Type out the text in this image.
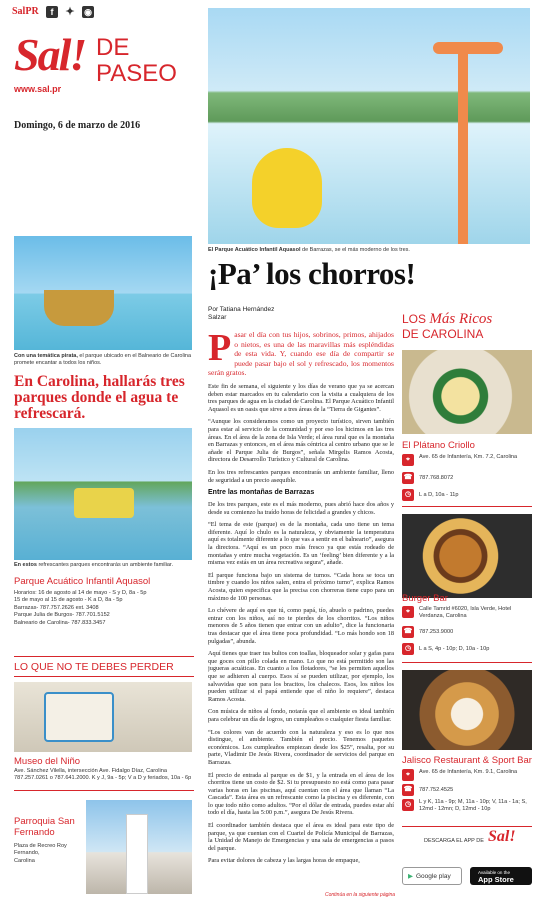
SalPR	f	✦ ◉
Sal! DE
PASEO
www.sal.pr
Domingo, 6 de marzo de 2016
El Parque Acuático Infantil Aquasol de Barrazas, se el más moderno de los tres.
Con una temática pirata, el parque ubicado en el Balneario de Carolina promete encantar a todos los niños.
En Carolina, hallarás tres parques donde el agua te refrescará.
En estos refrescantes parques encontrarás un ambiente familiar.
Parque Acuático Infantil Aquasol
Horarios: 16 de agosto al 14 de mayo - S y D, 8a - 5p
15 de mayo al 15 de agosto - K a D, 8a - 5p
Barrazas- 787.757.2626 ext. 3408
Parque Julia de Burgos- 787.701.5152
Balneario de Carolina- 787.833.3457
LO QUE NO TE DEBES PERDER
Museo del Niño
Ave. Sánchez Vilella, intersección Ave. Fidalgo Díaz, Carolina
787.257.0261 o 787.641.2000. K y J, 9a - 5p; V a D y feriados, 10a - 6p
Parroquia San Fernando
Plaza de Recreo Roy
Fernando,
Carolina
¡Pa’ los chorros!
Por Tatiana Hernández Salzar

Pasar el día con tus hijos, sobrinos, primos, ahijados o nietos, es una de las maravillas más espléndidas de esta vida. Y, cuando ese día de compartir se puede pasar bajo el sol y refrescado, los momentos serán gratos.

Este fin de semana, el siguiente y los días de verano que ya se acercan deben estar marcados en tu calendario con la visita a cualquiera de los tres parques de agua en la ciudad de Carolina. El Parque Acuático Infantil Aquasol es un oasis que sirve a tres áreas de la “Tierra de Gigantes”.

“Aunque los consideramos como un proyecto turístico, sirven también para estar al servicio de la comunidad y por eso los hicimos en las tres áreas. En el área de la zona de Isla Verde; el área rural que es la montaña en Barrazas y entonces, en el área más céntrica al centro urbano que se le añade el Parque Julia de Burgos”, señala Mirgelis Ramos Acosta, directora de Desarrollo Turístico y Cultural de Carolina.

En los tres refrescantes parques encontrarás un ambiente familiar, lleno de seguridad a un precio asequible.

Entre las montañas de Barrazas

De los tres parques, este es el más moderno, pues abrió hace dos años y desde su comienzo ha traído horas de felicidad a grandes y chicos.

“El tema de este (parque) es de la montaña, cada uno tiene un tema diferente. Aquí lo chulo es la naturaleza, y obviamente la temperatura aquí es totalmente diferente a lo que vas a sentir en el balneario”, asegura la directora. “Aquí es un poco más fresco ya que estás rodeado de montañas y entre mucha vegetación. Es un ‘feeling’ bien diferente y a la misma vez estás en un área recreativa segura”, añade.

El parque funciona bajo un sistema de turnos. “Cada hora se toca un timbre y cuando los niños salen, entra el próximo turno”, explica Ramos Acosta, quien especifica que la precisa con chorreras tiene cupo para un máximo de 100 personas.

Lo chévere de aquí es que tú, como papá, tío, abuelo o padrino, puedes entrar con los niños, así no te pierdes de los chorritos. “Los niños menores de 5 años tienen que entrar con un adulto”, dice la funcionaria tras destacar que el área tiene poca profundidad. “Lo más hondo son 18 pulgadas”, abunda.

Aquí tienes que traer tus bultos con toallas, bloqueador solar y gafas para que goces con pillo colada en mano. Lo que no está permitido son las jugueras acuáticas. En cuanto a los flotadores, “se les permiten aquellos que se adhieren al cuerpo. Esos sí se pueden utilizar, por ejemplo, los salvavidas que son para los bracitos, los chalecos. Esos, los niños los pueden utilizar si el papá entiende que el niño lo requiere”, destaca Ramos Acosta.

Con música de niños al fondo, notarás que el ambiente es ideal también para celebrar un día de logros, un cumpleaños o cualquier fiesta familiar.

“Los colores van de acuerdo con la naturaleza y eso es lo que nos distingue, el ambiente. También el precio. Tenemos paquetes económicos. Los cumpleaños empiezan desde los $25”, resalta, por su parte, Vladimir De Jesús Rivera, coordinador de servicios del parque en Barrazas.

El precio de entrada al parque es de $1, y la entrada en el área de los chorritos tiene un costo de $2. Si tu presupuesto no está como para pasar varias horas en las piscinas, aquí cuentan con el área que llaman “La Cascada”. Esta área es un refrescante como la piscina y es diferente, con lo que todo niño como adultos. “Por el dólar de entrada, puedes estar ahí todo el día, hasta las 5:00 p.m.”, asegura De Jesús Rivera.

El coordinador también destaca que el área es ideal para este tipo de parque, ya que cuentan con el Cuartel de Policía Municipal de Barrazas, la Unidad de Manejo de Emergencias y una sala de emergencias a pasos del parque.

Para evitar dolores de cabeza y las largas horas de empaque,

Continúa en la siguiente página
LOS Más Ricos
DE CAROLINA
El Plátano Criollo
⌖	Ave. 65 de Infantería, Km. 7.2, Carolina
☎ 787.768.8072
◷	L a D, 10a - 11p
Burger Bar
⌖	Calle Tamrid #6020, Isla Verde, Hotel Verdanza, Carolina
☎ 787.253.9000
◷	L a S, 4p - 10p; D, 10a - 10p
Jalisco Restaurant & Sport Bar
⌖	Ave. 65 de Infantería, Km. 9.1, Carolina
☎ 787.752.4525
◷	L y K, 11a - 9p; M, 11a - 10p; V, 11a - 1a; S, 12md - 12mn; D, 12md - 10p
DESCARGA EL APP DE Sal!
▶ Google play	Available on the
App Store
